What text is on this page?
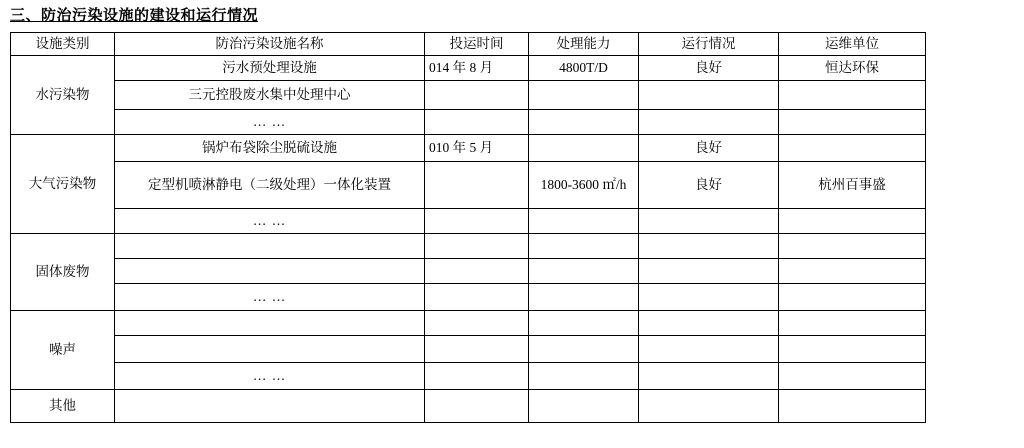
三、防治污染设施的建设和运行情况
设施类别	防治污染设施名称	投运时间	处理能力	运行情况	运维单位
水污染物	污水预处理设施	014 年 8 月	4800T/D	良好	恒达环保
	三元控股废水集中处理中心				
	… …				
大气污染物	锅炉布袋除尘脱硫设施	010 年 5 月		良好	
	定型机喷淋静电（二级处理）一体化装置		1800-3600 ㎡/h	良好	杭州百事盛
	… …				
固体废物					

	… …				
噪声					

	… …				
其他					
